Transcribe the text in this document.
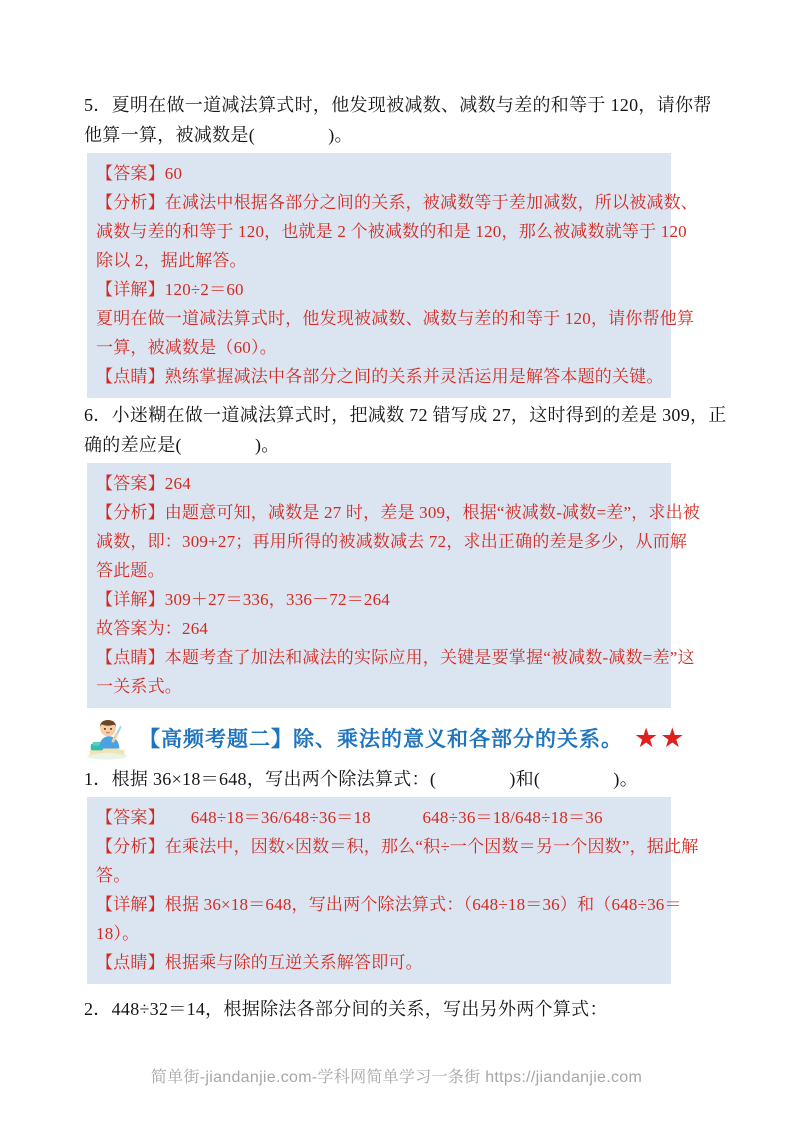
5．夏明在做一道减法算式时，他发现被减数、减数与差的和等于 120，请你帮
他算一算，被减数是(　　　　)。
【答案】60
【分析】在减法中根据各部分之间的关系，被减数等于差加减数，所以被减数、
减数与差的和等于 120，也就是 2 个被减数的和是 120，那么被减数就等于 120
除以 2，据此解答。
【详解】120÷2＝60
夏明在做一道减法算式时，他发现被减数、减数与差的和等于 120，请你帮他算
一算，被减数是（60）。
【点睛】熟练掌握减法中各部分之间的关系并灵活运用是解答本题的关键。
6．小迷糊在做一道减法算式时，把减数 72 错写成 27，这时得到的差是 309，正
确的差应是(　　　　)。
【答案】264
【分析】由题意可知，减数是 27 时，差是 309，根据“被减数-减数=差”，求出被
减数，即：309+27；再用所得的被减数减去 72，求出正确的差是多少，从而解
答此题。
【详解】309＋27＝336，336－72＝264
故答案为：264
【点睛】本题考查了加法和减法的实际应用，关键是要掌握“被减数-减数=差”这
一关系式。
【高频考题二】除、乘法的意义和各部分的关系。 ★ ★
1．根据 36×18＝648，写出两个除法算式：(　　　　)和(　　　　)。
【答案】　　648÷18＝36/648÷36＝18　　　648÷36＝18/648÷18＝36
【分析】在乘法中，因数×因数＝积，那么“积÷一个因数＝另一个因数”，据此解
答。
【详解】根据 36×18＝648，写出两个除法算式：（648÷18＝36）和（648÷36＝
18）。
【点睛】根据乘与除的互逆关系解答即可。
2．448÷32＝14，根据除法各部分间的关系，写出另外两个算式：
简单街-jiandanjie.com-学科网简单学习一条街 https://jiandanjie.com
